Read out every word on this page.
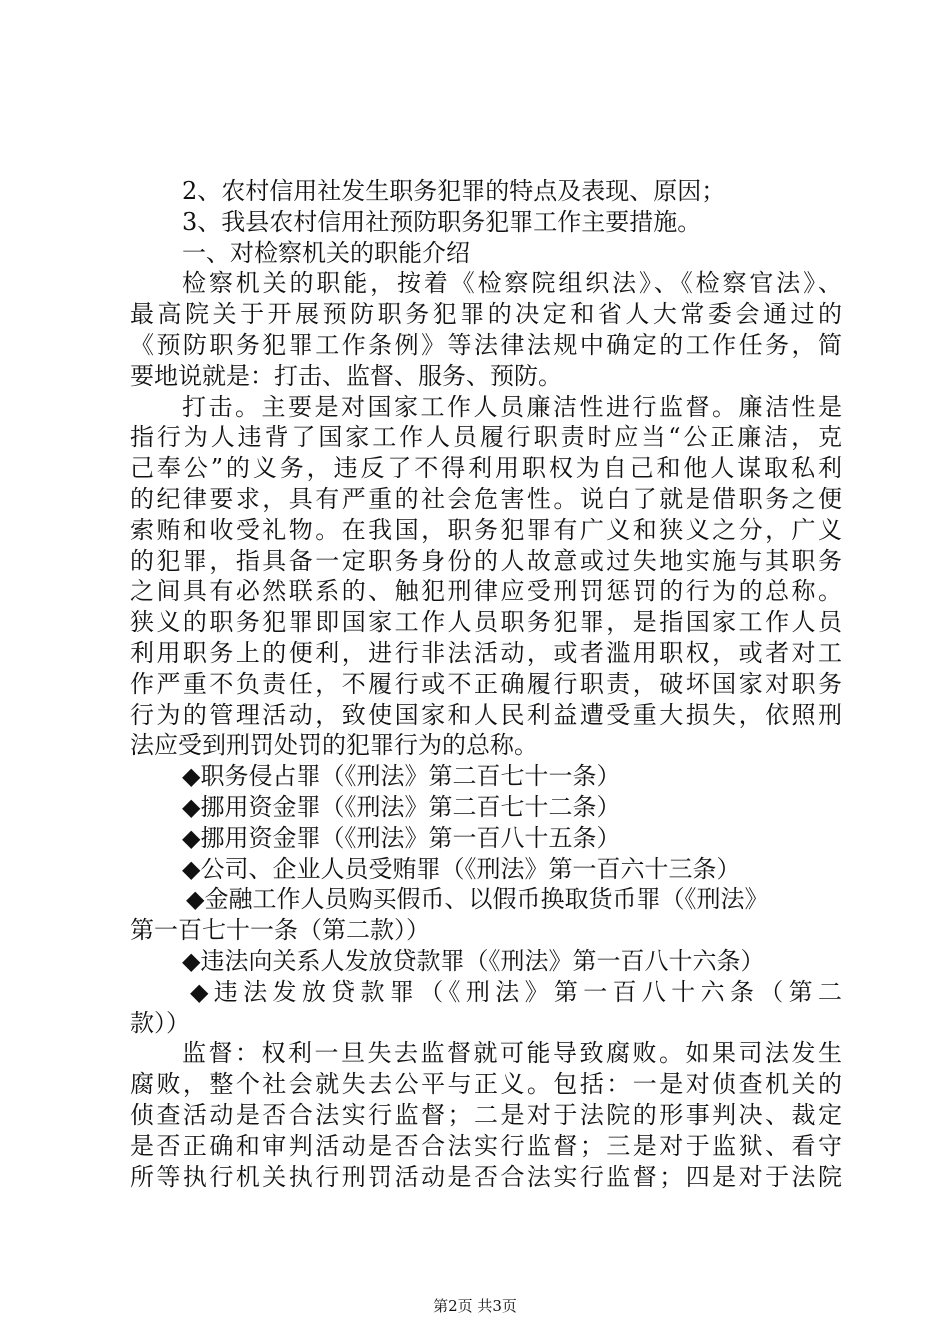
2、农村信用社发生职务犯罪的特点及表现、原因；
3、我县农村信用社预防职务犯罪工作主要措施。
一、对检察机关的职能介绍
检察机关的职能，按着《检察院组织法》、《检察官法》、
最高院关于开展预防职务犯罪的决定和省人大常委会通过的
《预防职务犯罪工作条例》等法律法规中确定的工作任务，简
要地说就是：打击、监督、服务、预防。
打击。主要是对国家工作人员廉洁性进行监督。廉洁性是
指行为人违背了国家工作人员履行职责时应当“公正廉洁，克
己奉公”的义务，违反了不得利用职权为自己和他人谋取私利
的纪律要求，具有严重的社会危害性。说白了就是借职务之便
索贿和收受礼物。在我国，职务犯罪有广义和狭义之分，广义
的犯罪，指具备一定职务身份的人故意或过失地实施与其职务
之间具有必然联系的、触犯刑律应受刑罚惩罚的行为的总称。
狭义的职务犯罪即国家工作人员职务犯罪，是指国家工作人员
利用职务上的便利，进行非法活动，或者滥用职权，或者对工
作严重不负责任，不履行或不正确履行职责，破坏国家对职务
行为的管理活动，致使国家和人民利益遭受重大损失，依照刑
法应受到刑罚处罚的犯罪行为的总称。
◆职务侵占罪（《刑法》第二百七十一条）
◆挪用资金罪（《刑法》第二百七十二条）
◆挪用资金罪（《刑法》第一百八十五条）
◆公司、企业人员受贿罪（《刑法》第一百六十三条）
◆金融工作人员购买假币、以假币换取货币罪（《刑法》
第一百七十一条（第二款））
◆违法向关系人发放贷款罪（《刑法》第一百八十六条）
◆违法发放贷款罪（《刑法》第一百八十六条（第二
款））
监督：权利一旦失去监督就可能导致腐败。如果司法发生
腐败，整个社会就失去公平与正义。包括：一是对侦查机关的
侦查活动是否合法实行监督；二是对于法院的形事判决、裁定
是否正确和审判活动是否合法实行监督；三是对于监狱、看守
所等执行机关执行刑罚活动是否合法实行监督；四是对于法院
第2页 共3页
